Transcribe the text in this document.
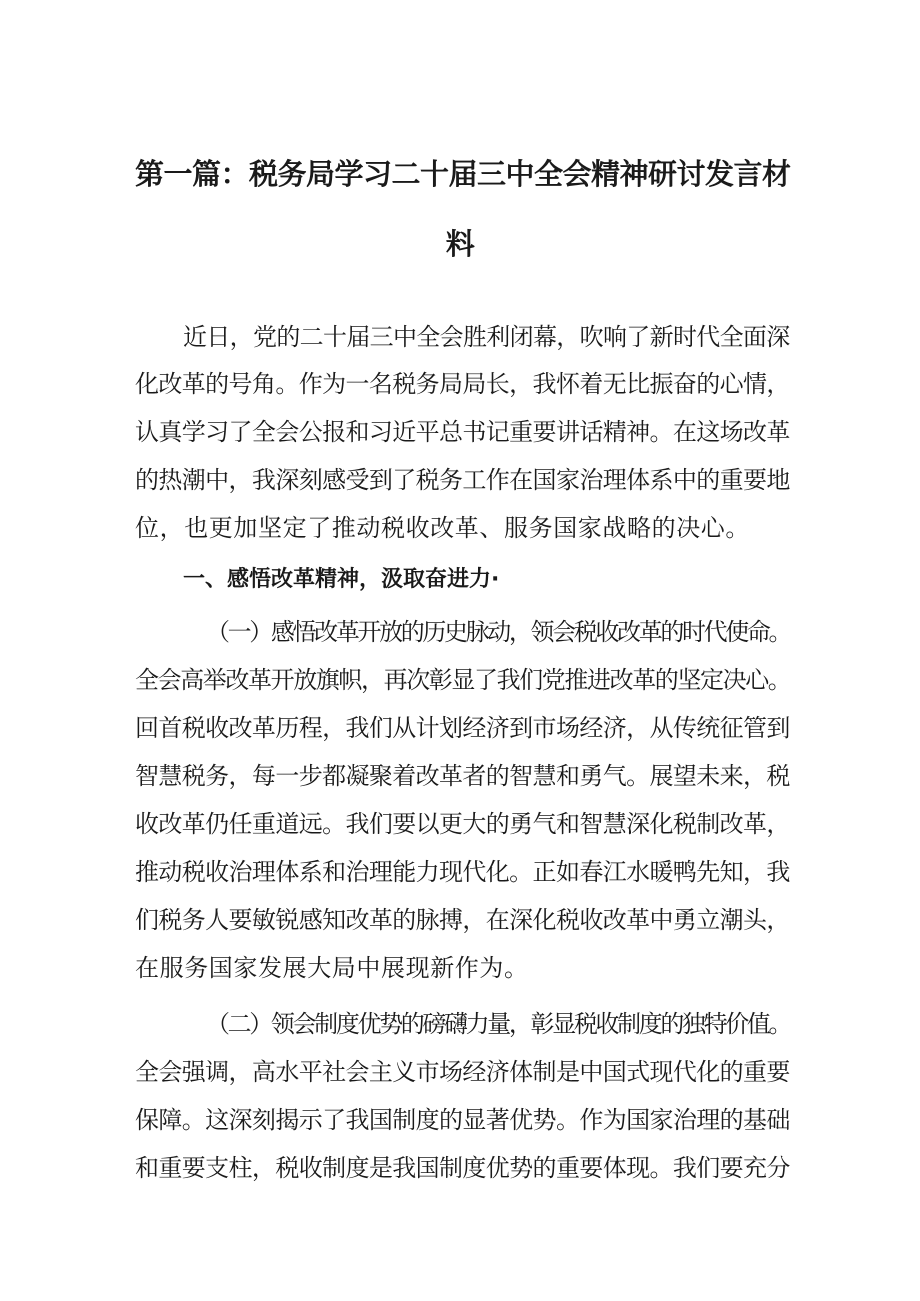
第一篇：税务局学习二十届三中全会精神研讨发言材
料
近日，党的二十届三中全会胜利闭幕，吹响了新时代全面深
化改革的号角。作为一名税务局局长，我怀着无比振奋的心情，
认真学习了全会公报和习近平总书记重要讲话精神。在这场改革
的热潮中，我深刻感受到了税务工作在国家治理体系中的重要地
位，也更加坚定了推动税收改革、服务国家战略的决心。
一、感悟改革精神，汲取奋进力·
（一）感悟改革开放的历史脉动，领会税收改革的时代使命。
全会高举改革开放旗帜，再次彰显了我们党推进改革的坚定决心。
回首税收改革历程，我们从计划经济到市场经济，从传统征管到
智慧税务，每一步都凝聚着改革者的智慧和勇气。展望未来，税
收改革仍任重道远。我们要以更大的勇气和智慧深化税制改革，
推动税收治理体系和治理能力现代化。正如春江水暖鸭先知，我
们税务人要敏锐感知改革的脉搏，在深化税收改革中勇立潮头，
在服务国家发展大局中展现新作为。
（二）领会制度优势的磅礴力量，彰显税收制度的独特价值。
全会强调，高水平社会主义市场经济体制是中国式现代化的重要
保障。这深刻揭示了我国制度的显著优势。作为国家治理的基础
和重要支柱，税收制度是我国制度优势的重要体现。我们要充分
